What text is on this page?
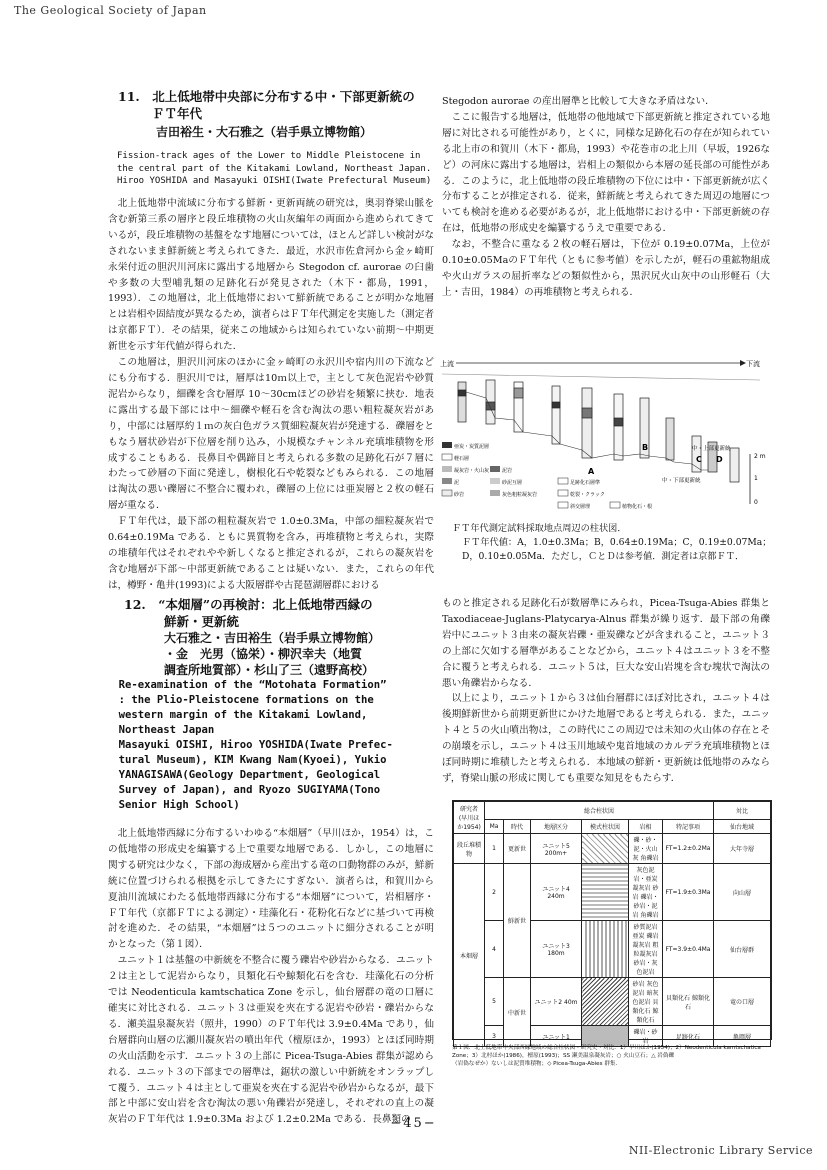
The Geological Society of Japan

11.　北上低地帯中央部に分布する中・下部更新統の

ＦＴ年代

吉田裕生・大石雅之（岩手県立博物館）

Fission-track ages of the Lower to Middle Pleistocene in

the central part of the Kitakami Lowland, Northeast Japan.

Hiroo YOSHIDA and Masayuki OISHI(Iwate Prefectural Museum)

北上低地帯中流域に分布する鮮新・更新両統の研究は，奥羽脊梁山脈を含む新第三系の層序と段丘堆積物の火山灰編年の両面から進められてきているが，段丘堆積物の基盤をなす地層については，ほとんど詳しい検討がなされないまま鮮新統と考えられてきた．最近，水沢市佐倉河から金ヶ崎町永栄付近の胆沢川河床に露出する地層から Stegodon cf. aurorae の臼歯や多数の大型哺乳類の足跡化石が発見された（木下・都鳥，1991，1993）．この地層は，北上低地帯において鮮新統であることが明かな地層とは岩相や固結度が異なるため，演者らはＦＴ年代測定を実施した（測定者は京都ＦＴ）．その結果，従来この地域からは知られていない前期～中期更新世を示す年代値が得られた．

この地層は，胆沢川河床のほかに金ヶ崎町の永沢川や宿内川の下流などにも分布する．胆沢川では，層厚は10ｍ以上で，主として灰色泥岩や砂質泥岩からなり，細礫を含む層厚 10～30cmほどの砂岩を頻繁に挟む．地表に露出する最下部には中～細礫や軽石を含む淘汰の悪い粗粒凝灰岩があり，中部には層厚約１ｍの灰白色ガラス質細粒凝灰岩が発達する．礫層をともなう層状砂岩が下位層を削り込み，小規模なチャンネル充填堆積物を形成することもある．長鼻目や偶蹄目と考えられる多数の足跡化石が７層にわたって砂層の下面に発達し，樹根化石や乾裂などもみられる．この地層は淘汰の悪い礫層に不整合に覆われ，礫層の上位には亜炭層と２枚の軽石層が重なる．

ＦＴ年代は，最下部の粗粒凝灰岩で 1.0±0.3Ma，中部の細粒凝灰岩で 0.64±0.19Ma である．ともに異質物を含み，再堆積物と考えられ，実際の堆積年代はそれぞれやや新しくなると推定されるが，これらの凝灰岩を含む地層が下部～中部更新統であることは疑いない．また，これらの年代は，樽野・亀井(1993)による大阪層群や古琵琶湖層群における

Stegodon aurorae の産出層準と比較して大きな矛盾はない．

ここに報告する地層は，低地帯の他地域で下部更新統と推定されている地層に対比される可能性があり，とくに，同様な足跡化石の存在が知られている北上市の和賀川（木下・都鳥，1993）や花巻市の北上川（早坂，1926など）の河床に露出する地層は，岩相上の類似から本層の延長部の可能性がある．このように，北上低地帯の段丘堆積物の下位には中・下部更新統が広く分布することが推定される．従来，鮮新統と考えられてきた周辺の地層についても検討を進める必要があるが，北上低地帯における中・下部更新統の存在は，低地帯の形成史を編纂するうえで重要である．

なお，不整合に重なる２枚の軽石層は，下位が 0.19±0.07Ma，上位が 0.10±0.05MaのＦＴ年代（ともに参考値）を示したが，軽石の重鉱物組成や火山ガラスの屈折率などの類似性から，黒沢尻火山灰中の山形軽石（大上・吉田，1984）の再堆積物と考えられる．

上流	下流
A
B
C D
中・上部更新統
中・下部更新統
2 m
1
0
亜炭・炭質泥層
軽石層
凝灰岩・火山灰
泥
砂岩
泥岩
砂泥互層
灰色粗粒凝灰岩
足跡化石層準
乾裂・クラック
斜交層理	植物化石・根
ＦＴ年代測定試料採取地点周辺の柱状図．
ＦＴ年代値：A，1.0±0.3Ma；B，0.64±0.19Ma；C，0.19±0.07Ma；
D，0.10±0.05Ma．ただし，ＣとＤは参考値．測定者は京都ＦＴ．

12.　“本畑層”の再検討：北上低地帯西縁の

鮮新・更新統

大石雅之・吉田裕生（岩手県立博物館）

・金　光男（協栄）・柳沢幸夫（地質

調査所地質部）・杉山了三（遠野高校）

Re-examination of the “Motohata Formation”

: the Plio-Pleistocene formations on the

western margin of the Kitakami Lowland,

Northeast Japan

Masayuki OISHI, Hiroo YOSHIDA(Iwate Prefec-

tural Museum), KIM Kwang Nam(Kyoei), Yukio

YANAGISAWA(Geology Department, Geological

Survey of Japan), and Ryozo SUGIYAMA(Tono

Senior High School)

北上低地帯西縁に分布するいわゆる“本畑層”（早川ほか，1954）は，この低地帯の形成史を編纂する上で重要な地層である．しかし，この地層に関する研究は少なく，下部の海成層から産出する竜の口動物群のみが，鮮新統に位置づけられる根拠を示してきたにすぎない．演者らは，和賀川から夏油川流域にわたる低地帯西縁に分布する“本畑層”について，岩相層序・ＦＴ年代（京都ＦＴによる測定）・珪藻化石・花粉化石などに基づいて再検討を進めた．その結果，“本畑層”は５つのユニットに細分されることが明かとなった（第１図）．

ユニット１は基盤の中新統を不整合に覆う礫岩や砂岩からなる．ユニット２は主として泥岩からなり，貝類化石や鯨類化石を含む．珪藻化石の分析では Neodenticula kamtschatica Zone を示し，仙台層群の竜の口層に確実に対比される．ユニット３は亜炭を夾在する泥岩や砂岩・礫岩からなる．瀬美温泉凝灰岩（照井，1990）のＦＴ年代は 3.9±0.4Ma であり，仙台層群向山層の広瀬川凝灰岩の噴出年代（檀原ほか，1993）とほぼ同時期の火山活動を示す．ユニット３の上部に Picea-Tsuga-Abies 群集が認められる．ユニット３の下部までの層準は，鋸状の激しい中新統をオンラップして覆う．ユニット４は主として亜炭を夾在する泥岩や砂岩からなるが，最下部と中部に安山岩を含む淘汰の悪い角礫岩が発達し，それぞれの直上の凝灰岩のＦＴ年代は 1.9±0.3Ma および 1.2±0.2Ma である．長鼻類の

ものと推定される足跡化石が数層準にみられ，Picea-Tsuga-Abies 群集と Taxodiaceae-Juglans-Platycarya-Alnus 群集が繰り返す．最下部の角礫岩中にユニット３由来の凝灰岩礫・亜炭礫などが含まれること，ユニット３の上部に欠如する層準があることなどから，ユニット４はユニット３を不整合に覆うと考えられる．ユニット５は，巨大な安山岩塊を含む塊状で淘汰の悪い角礫岩からなる．

以上により，ユニット１から３は仙台層群にほぼ対比され，ユニット４は後期鮮新世から前期更新世にかけた地層であると考えられる．また，ユニット４と５の火山噴出物は，この時代にこの周辺では未知の火山体の存在とその崩壊を示し，ユニット４は玉川地域や鬼首地域のカルデラ充填堆積物とほぼ同時期に堆積したと考えられる．本地域の鮮新・更新統は低地帯のみならず，脊梁山脈の形成に関しても重要な知見をもたらす．

研究者(早川ほか1954)	総合柱状図						対比
	Ma	時代	地層区分	模式柱状図	岩相	特記事項	仙台地域
段丘堆積物	1	更新世	ユニット5 200m+		礫・砂・泥・火山灰 角礫岩	FT=1.2±0.2Ma	大年寺層
本畑層	2	鮮新世	ユニット4 240m		灰色泥岩・亜炭 凝灰岩 砂岩 礫岩・砂岩・泥岩 角礫岩	FT=1.9±0.3Ma	向山層
	4		ユニット3 180m		砂質泥岩 亜炭 礫岩 凝灰岩 粗粒凝灰岩 砂岩・灰色泥岩	FT=3.9±0.4Ma	仙台層群
	5	中新世	ユニット2 40m		砂岩 灰色泥岩 暗灰色泥岩 貝類化石 鯨類化石	貝類化石 鯨類化石	竜の口層
	3		ユニット1		礫岩・砂岩	足跡化石	亀岡層
第１図．北上低地帯中央部西縁地域の総合柱状図・研究史・対比．1）早川ほか(1954)；2）Neodenticula kamtschatica Zone；3）北村ほか(1986)，檀原(1993)；SS 瀬美温泉凝灰岩；○ 火山豆石；△ 岩偽礫
（岩偽なぜか）ないしは泥質堆積物；◇ Picea-Tsuga-Abies 群集．
−45−
NII-Electronic Library Service
